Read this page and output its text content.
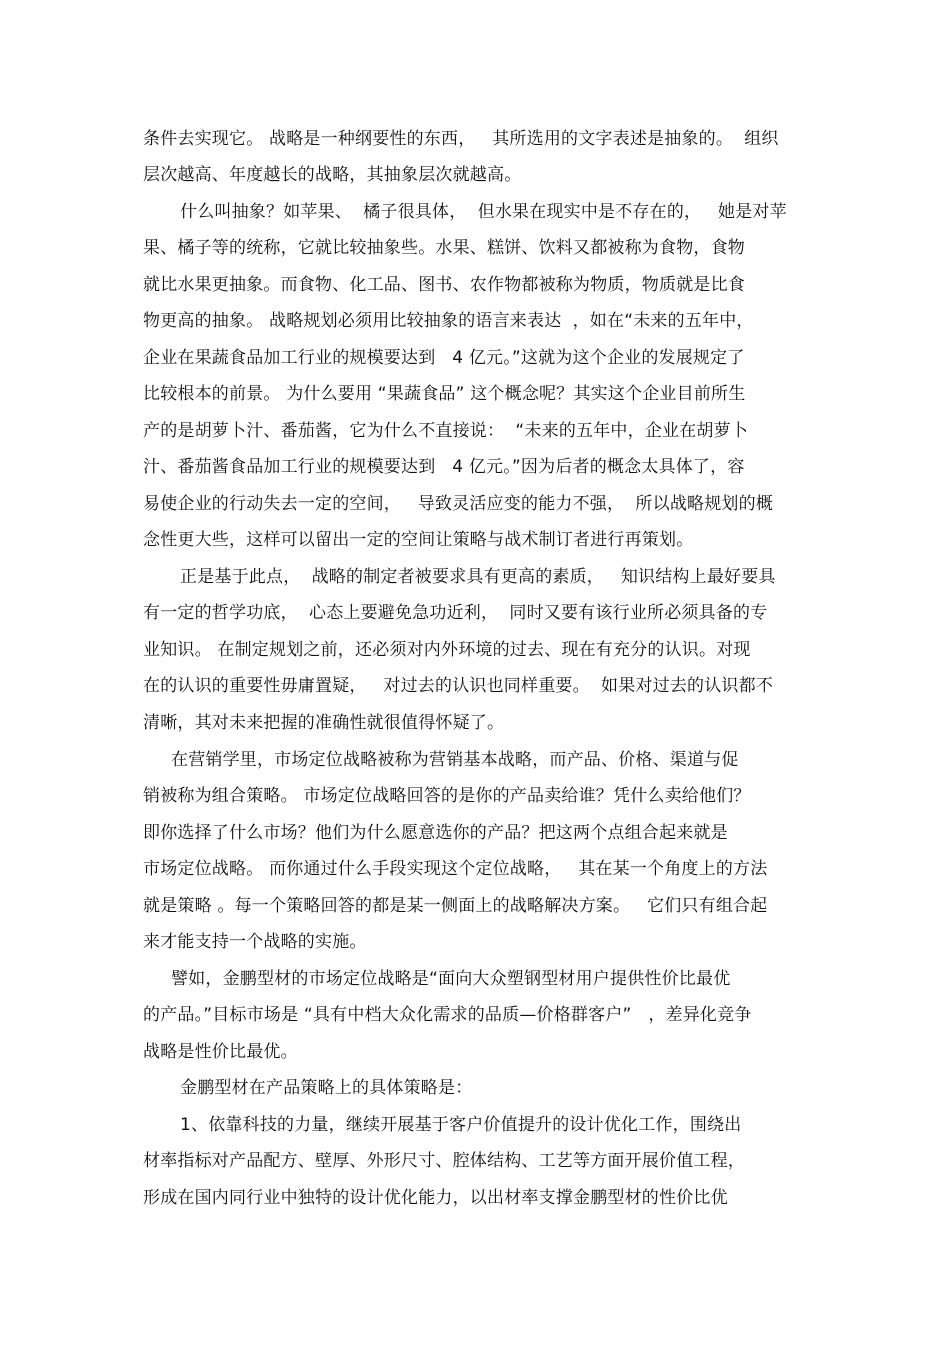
条件去实现它。 战略是一种纲要性的东西，   其所选用的文字表述是抽象的。  组织
层次越高、年度越长的战略，其抽象层次就越高。
什么叫抽象？如苹果、  橘子很具体，  但水果在现实中是不存在的，   她是对苹
果、橘子等的统称，它就比较抽象些。水果、糕饼、饮料又都被称为食物，食物
就比水果更抽象。而食物、化工品、图书、农作物都被称为物质，物质就是比食
物更高的抽象。 战略规划必须用比较抽象的语言来表达  ，如在“未来的五年中，
企业在果蔬食品加工行业的规模要达到   4 亿元。”这就为这个企业的发展规定了
比较根本的前景。 为什么要用 “果蔬食品” 这个概念呢？其实这个企业目前所生
产的是胡萝卜汁、番茄酱，它为什么不直接说：  “未来的五年中，企业在胡萝卜
汁、番茄酱食品加工行业的规模要达到   4 亿元。”因为后者的概念太具体了，容
易使企业的行动失去一定的空间，   导致灵活应变的能力不强，  所以战略规划的概
念性更大些，这样可以留出一定的空间让策略与战术制订者进行再策划。
正是基于此点，  战略的制定者被要求具有更高的素质，   知识结构上最好要具
有一定的哲学功底，  心态上要避免急功近利，  同时又要有该行业所必须具备的专
业知识。 在制定规划之前，还必须对内外环境的过去、现在有充分的认识。对现
在的认识的重要性毋庸置疑，   对过去的认识也同样重要。  如果对过去的认识都不
清晰，其对未来把握的准确性就很值得怀疑了。
在营销学里，市场定位战略被称为营销基本战略，而产品、价格、渠道与促
销被称为组合策略。 市场定位战略回答的是你的产品卖给谁？凭什么卖给他们？
即你选择了什么市场？他们为什么愿意选你的产品？把这两个点组合起来就是
市场定位战略。 而你通过什么手段实现这个定位战略，   其在某一个角度上的方法
就是策略 。每一个策略回答的都是某一侧面上的战略解决方案。   它们只有组合起
来才能支持一个战略的实施。
譬如，金鹏型材的市场定位战略是“面向大众塑钢型材用户提供性价比最优
的产品。”目标市场是 “具有中档大众化需求的品质—价格群客户”   ，差异化竞争
战略是性价比最优。
金鹏型材在产品策略上的具体策略是：
1、依靠科技的力量，继续开展基于客户价值提升的设计优化工作，围绕出
材率指标对产品配方、壁厚、外形尺寸、腔体结构、工艺等方面开展价值工程，
形成在国内同行业中独特的设计优化能力，以出材率支撑金鹏型材的性价比优
